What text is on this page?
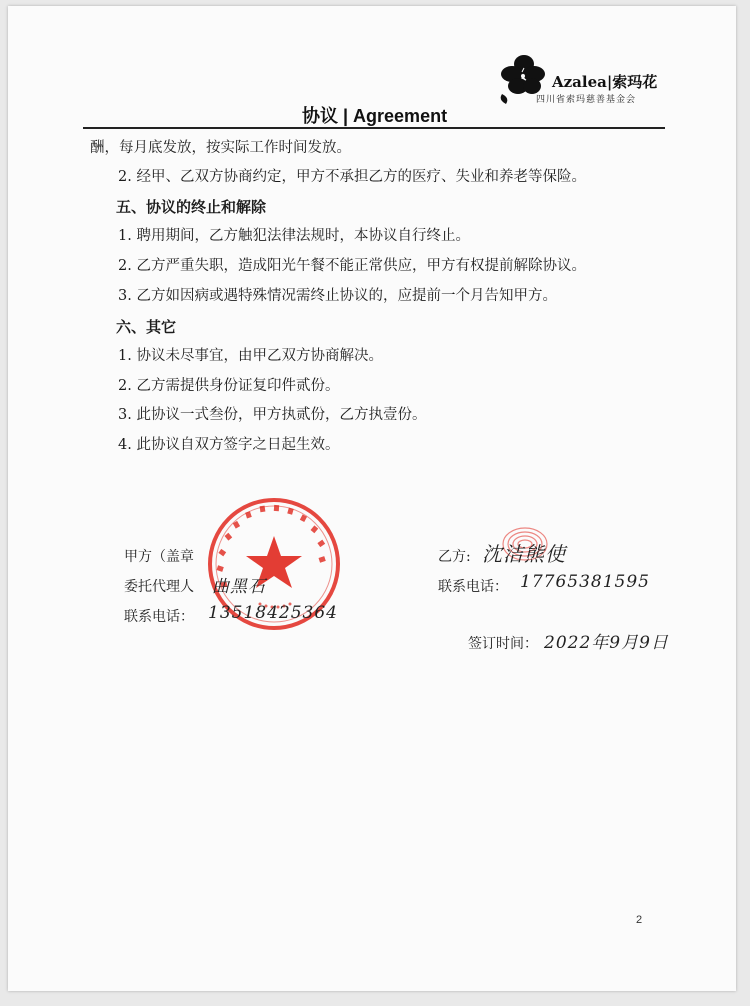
Azalea|索玛花
四川省索玛慈善基金会
协议 | Agreement
酬，每月底发放，按实际工作时间发放。
2. 经甲、乙双方协商约定，甲方不承担乙方的医疗、失业和养老等保险。
五、协议的终止和解除
1. 聘用期间，乙方触犯法律法规时，本协议自行终止。
2. 乙方严重失职，造成阳光午餐不能正常供应，甲方有权提前解除协议。
3. 乙方如因病或遇特殊情况需终止协议的，应提前一个月告知甲方。
六、其它
1. 协议未尽事宜，由甲乙双方协商解决。
2. 乙方需提供身份证复印件贰份。
3. 此协议一式叁份，甲方执贰份，乙方执壹份。
4. 此协议自双方签字之日起生效。
甲方（盖章
委托代理人 曲黑石
联系电话： 13518425364
乙方: 沈洁熊使
联系电话： 17765381595
签订时间： 2022年9月9日
2
